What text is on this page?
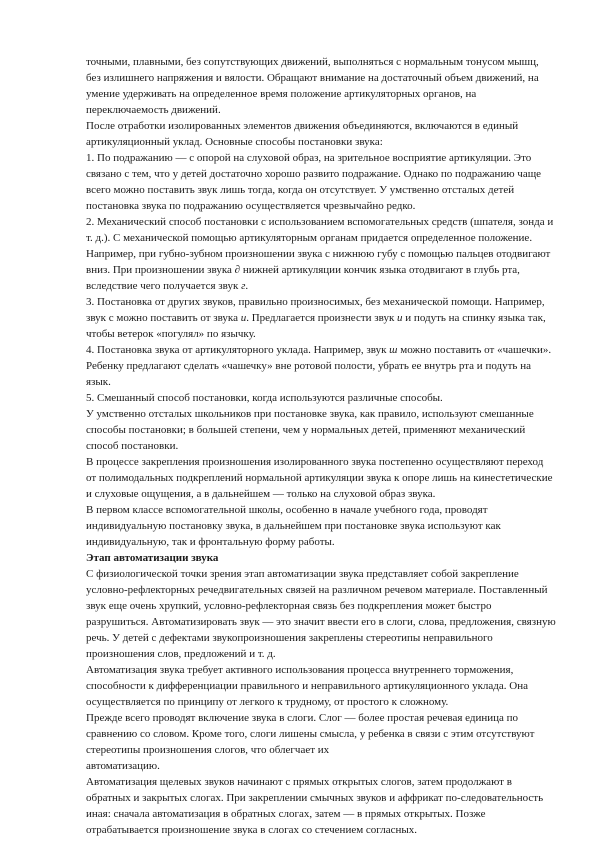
точными, плавными, без сопутствующих движений, выполняться с нормальным тонусом мышц, без излишнего напряжения и вялости. Обращают внимание на достаточный объем движений, на умение удерживать на определенное время положение артикуляторных органов, на переключаемость движений.

После отработки изолированных элементов движения объединяются, включаются в единый артикуляционный уклад. Основные способы постановки звука:

1. По подражанию — с опорой на слуховой образ, на зрительное восприятие артикуляции. Это связано с тем, что у детей достаточно хорошо развито подражание. Однако по подражанию чаще всего можно поставить звук лишь тогда, когда он отсутствует. У умственно отсталых детей постановка звука по подражанию осуществляется чрезвычайно редко.

2. Механический способ постановки с использованием вспомогательных средств (шпателя, зонда и т. д.). С механической помощью артикуляторным органам придается определенное положение. Например, при губно-зубном произношении звука с нижнюю губу с помощью пальцев отодвигают вниз. При произношении звука ∂ нижней артикуляции кончик языка отодвигают в глубь рта, вследствие чего получается звук г.

3. Постановка от других звуков, правильно произносимых, без механической помощи. Например, звук с можно поставить от звука и. Предлагается произнести звук и и подуть на спинку языка так, чтобы ветерок «погулял» по язычку.

4. Постановка звука от артикуляторного уклада. Например, звук ш можно поставить от «чашечки». Ребенку предлагают сделать «чашечку» вне ротовой полости, убрать ее внутрь рта и подуть на язык.

5. Смешанный способ постановки, когда используются различные способы.

У умственно отсталых школьников при постановке звука, как правило, используют смешанные способы постановки; в большей степени, чем у нормальных детей, применяют механический способ постановки.

В процессе закрепления произношения изолированного звука постепенно осуществляют переход от полимодальных подкреплений нормальной артикуляции звука к опоре лишь на кинестетические и слуховые ощущения, а в дальнейшем — только на слуховой образ звука.

В первом классе вспомогательной школы, особенно в начале учебного года, проводят индивидуальную постановку звука, в дальнейшем при постановке звука используют как индивидуальную, так и фронтальную форму работы.

Этап автоматизации звука

С физиологической точки зрения этап автоматизации звука представляет собой закрепление условно-рефлекторных речедвигательных связей на различном речевом материале. Поставленный звук еще очень хрупкий, условно-рефлекторная связь без подкрепления может быстро разрушиться. Автоматизировать звук — это значит ввести его в слоги, слова, предложения, связную речь. У детей с дефектами звукопроизношения закреплены стереотипы неправильного произношения слов, предложений и т. д.

Автоматизация звука требует активного использования процесса внутреннего торможения, способности к дифференциации правильного и неправильного артикуляционного уклада. Она осуществляется по принципу от легкого к трудному, от простого к сложному.

Прежде всего проводят включение звука в слоги. Слог — более простая речевая единица по сравнению со словом. Кроме того, слоги лишены смысла, у ребенка в связи с этим отсутствуют стереотипы произношения слогов, что облегчает их
автоматизацию.

Автоматизация щелевых звуков начинают с прямых открытых слогов, затем продолжают в обратных и закрытых слогах. При закреплении смычных звуков и аффрикат по-следовательность иная: сначала автоматизация в обратных слогах, затем — в прямых открытых. Позже отрабатывается произношение звука в слогах со стечением согласных.
